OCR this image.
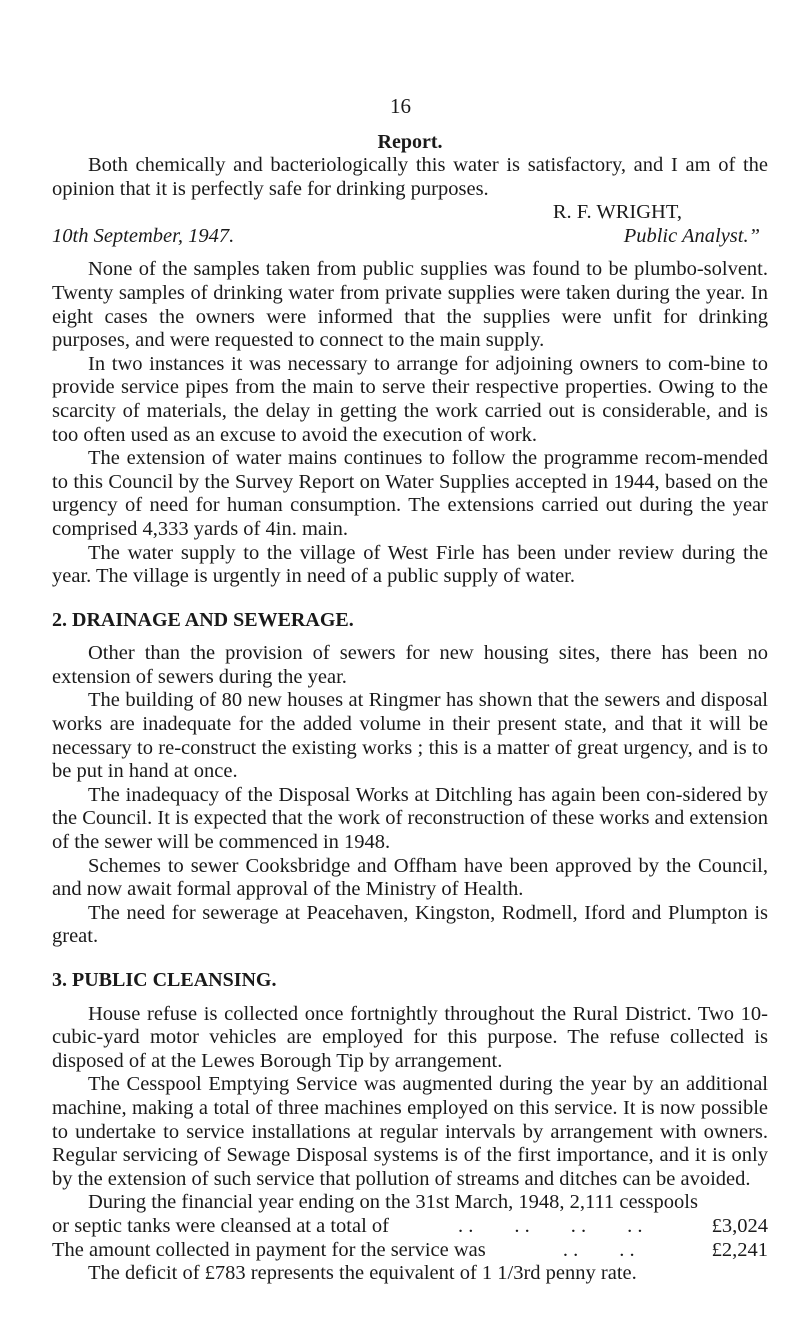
16
Report.

Both chemically and bacteriologically this water is satisfactory, and I am of the opinion that it is perfectly safe for drinking purposes.

R. F. WRIGHT,
10th September, 1947.	Public Analyst.”

None of the samples taken from public supplies was found to be plumbo-solvent. Twenty samples of drinking water from private supplies were taken during the year. In eight cases the owners were informed that the supplies were unfit for drinking purposes, and were requested to connect to the main supply.

In two instances it was necessary to arrange for adjoining owners to com-bine to provide service pipes from the main to serve their respective properties. Owing to the scarcity of materials, the delay in getting the work carried out is considerable, and is too often used as an excuse to avoid the execution of work.

The extension of water mains continues to follow the programme recom-mended to this Council by the Survey Report on Water Supplies accepted in 1944, based on the urgency of need for human consumption. The extensions carried out during the year comprised 4,333 yards of 4in. main.

The water supply to the village of West Firle has been under review during the year. The village is urgently in need of a public supply of water.

2. DRAINAGE AND SEWERAGE.

Other than the provision of sewers for new housing sites, there has been no extension of sewers during the year.

The building of 80 new houses at Ringmer has shown that the sewers and disposal works are inadequate for the added volume in their present state, and that it will be necessary to re-construct the existing works ; this is a matter of great urgency, and is to be put in hand at once.

The inadequacy of the Disposal Works at Ditchling has again been con-sidered by the Council. It is expected that the work of reconstruction of these works and extension of the sewer will be commenced in 1948.

Schemes to sewer Cooksbridge and Offham have been approved by the Council, and now await formal approval of the Ministry of Health.

The need for sewerage at Peacehaven, Kingston, Rodmell, Iford and Plumpton is great.

3. PUBLIC CLEANSING.

House refuse is collected once fortnightly throughout the Rural District. Two 10-cubic-yard motor vehicles are employed for this purpose. The refuse collected is disposed of at the Lewes Borough Tip by arrangement.

The Cesspool Emptying Service was augmented during the year by an additional machine, making a total of three machines employed on this service. It is now possible to undertake to service installations at regular intervals by arrangement with owners. Regular servicing of Sewage Disposal systems is of the first importance, and it is only by the extension of such service that pollution of streams and ditches can be avoided.

During the financial year ending on the 31st March, 1948, 2,111 cesspools

or septic tanks were cleansed at a total of	. .        . .        . .        . .	£3,024
The amount collected in payment for the service was	. .        . .	£2,241

The deficit of £783 represents the equivalent of 1 1/3rd penny rate.
